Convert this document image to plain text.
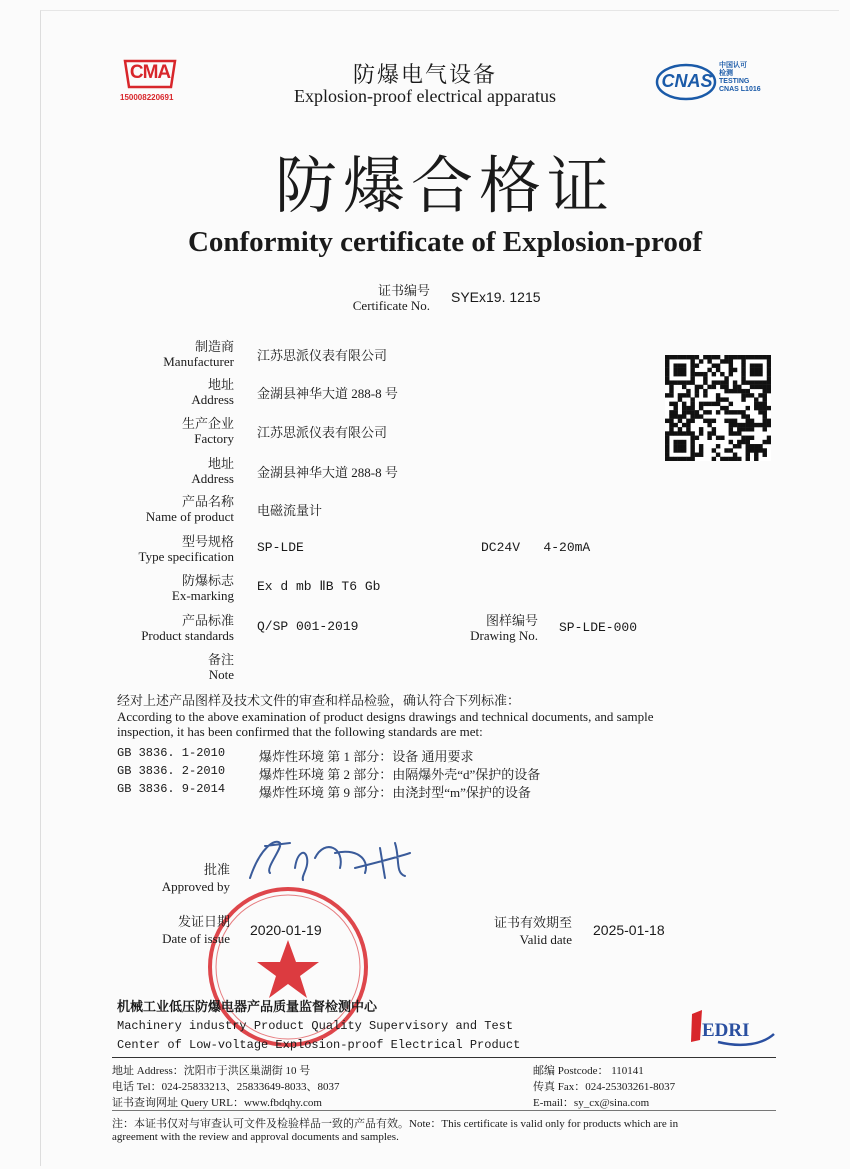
CMA
150008220691
防爆电气设备
Explosion-proof electrical apparatus
CNAS
中国认可
检测
TESTING
CNAS L1016
防爆合格证
Conformity certificate of Explosion-proof
证书编号
Certificate No.
SYEx19. 1215
制造商
Manufacturer 江苏思派仪表有限公司
地址
Address 金湖县神华大道 288-8 号
生产企业
Factory 江苏思派仪表有限公司
地址
Address 金湖县神华大道 288-8 号
产品名称
Name of product 电磁流量计
型号规格
Type specification
SP-LDE	DC24V   4-20mA
防爆标志
Ex-marking
Ex d mb ⅡB T6 Gb
产品标准
Product standards
Q/SP 001-2019
备注
Note
图样编号
Drawing No.
SP-LDE-000
经对上述产品图样及技术文件的审查和样品检验，确认符合下列标准：
According to the above examination of product designs drawings and technical documents, and sample
inspection, it has been confirmed that the following standards are met:
GB 3836. 1-2010	爆炸性环境 第 1 部分：设备 通用要求
GB 3836. 2-2010	爆炸性环境 第 2 部分：由隔爆外壳“d”保护的设备
GB 3836. 9-2014	爆炸性环境 第 9 部分：由浇封型“m”保护的设备
批准
Approved by
发证日期
Date of issue
2020-01-19	证书有效期至
Valid date
2025-01-18
机械工业低压防爆电器产品质量监督检测中心
Machinery industry Product Quality Supervisory and Test
Center of Low-voltage Explosion-proof Electrical Product
EDRI
地址 Address：沈阳市于洪区巢湖街 10 号	邮编 Postcode： 110141
电话 Tel：024-25833213、25833649-8033、8037	传真 Fax：024-25303261-8037
证书查询网址 Query URL：www.fbdqhy.com	E-mail：sy_cx@sina.com
注：本证书仅对与审查认可文件及检验样品一致的产品有效。Note：This certificate is valid only for products which are in
agreement with the review and approval documents and samples.
